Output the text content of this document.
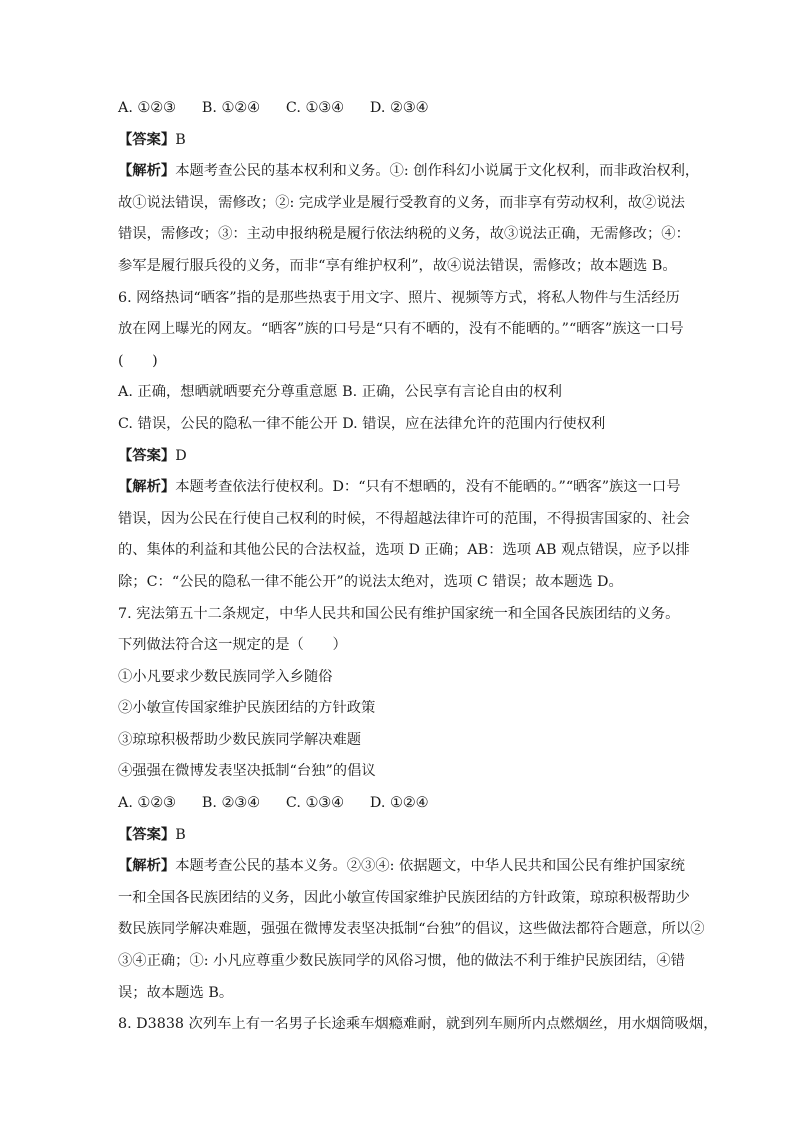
A. ①②③ B. ①②④ C. ①③④ D. ②③④
【答案】B
【解析】本题考查公民的基本权利和义务。①: 创作科幻小说属于文化权利，而非政治权利，
故①说法错误，需修改；②: 完成学业是履行受教育的义务，而非享有劳动权利，故②说法
错误，需修改；③：主动申报纳税是履行依法纳税的义务，故③说法正确，无需修改；④：
参军是履行服兵役的义务，而非“享有维护权利”，故④说法错误，需修改；故本题选 B。
6. 网络热词“晒客”指的是那些热衷于用文字、照片、视频等方式，将私人物件与生活经历
放在网上曝光的网友。“晒客”族的口号是“只有不晒的，没有不能晒的。”“晒客”族这一口号
(　　)
A. 正确，想晒就晒要充分尊重意愿 B. 正确，公民享有言论自由的权利
C. 错误，公民的隐私一律不能公开 D. 错误，应在法律允许的范围内行使权利
【答案】D
【解析】本题考查依法行使权利。D：“只有不想晒的，没有不能晒的。”“晒客”族这一口号
错误，因为公民在行使自己权利的时候，不得超越法律许可的范围，不得损害国家的、社会
的、集体的利益和其他公民的合法权益，选项 D 正确；AB：选项 AB 观点错误，应予以排
除；C：“公民的隐私一律不能公开”的说法太绝对，选项 C 错误；故本题选 D。
7. 宪法第五十二条规定，中华人民共和国公民有维护国家统一和全国各民族团结的义务。
下列做法符合这一规定的是（　　）
①小凡要求少数民族同学入乡随俗
②小敏宣传国家维护民族团结的方针政策
③琼琼积极帮助少数民族同学解决难题
④强强在微博发表坚决抵制“台独”的倡议
A. ①②③ B. ②③④ C. ①③④ D. ①②④
【答案】B
【解析】本题考查公民的基本义务。②③④: 依据题文，中华人民共和国公民有维护国家统
一和全国各民族团结的义务，因此小敏宣传国家维护民族团结的方针政策，琼琼积极帮助少
数民族同学解决难题，强强在微博发表坚决抵制“台独”的倡议，这些做法都符合题意，所以②
③④正确；①: 小凡应尊重少数民族同学的风俗习惯，他的做法不利于维护民族团结，④错
误；故本题选 B。
8. D3838 次列车上有一名男子长途乘车烟瘾难耐，就到列车厕所内点燃烟丝，用水烟筒吸烟，
